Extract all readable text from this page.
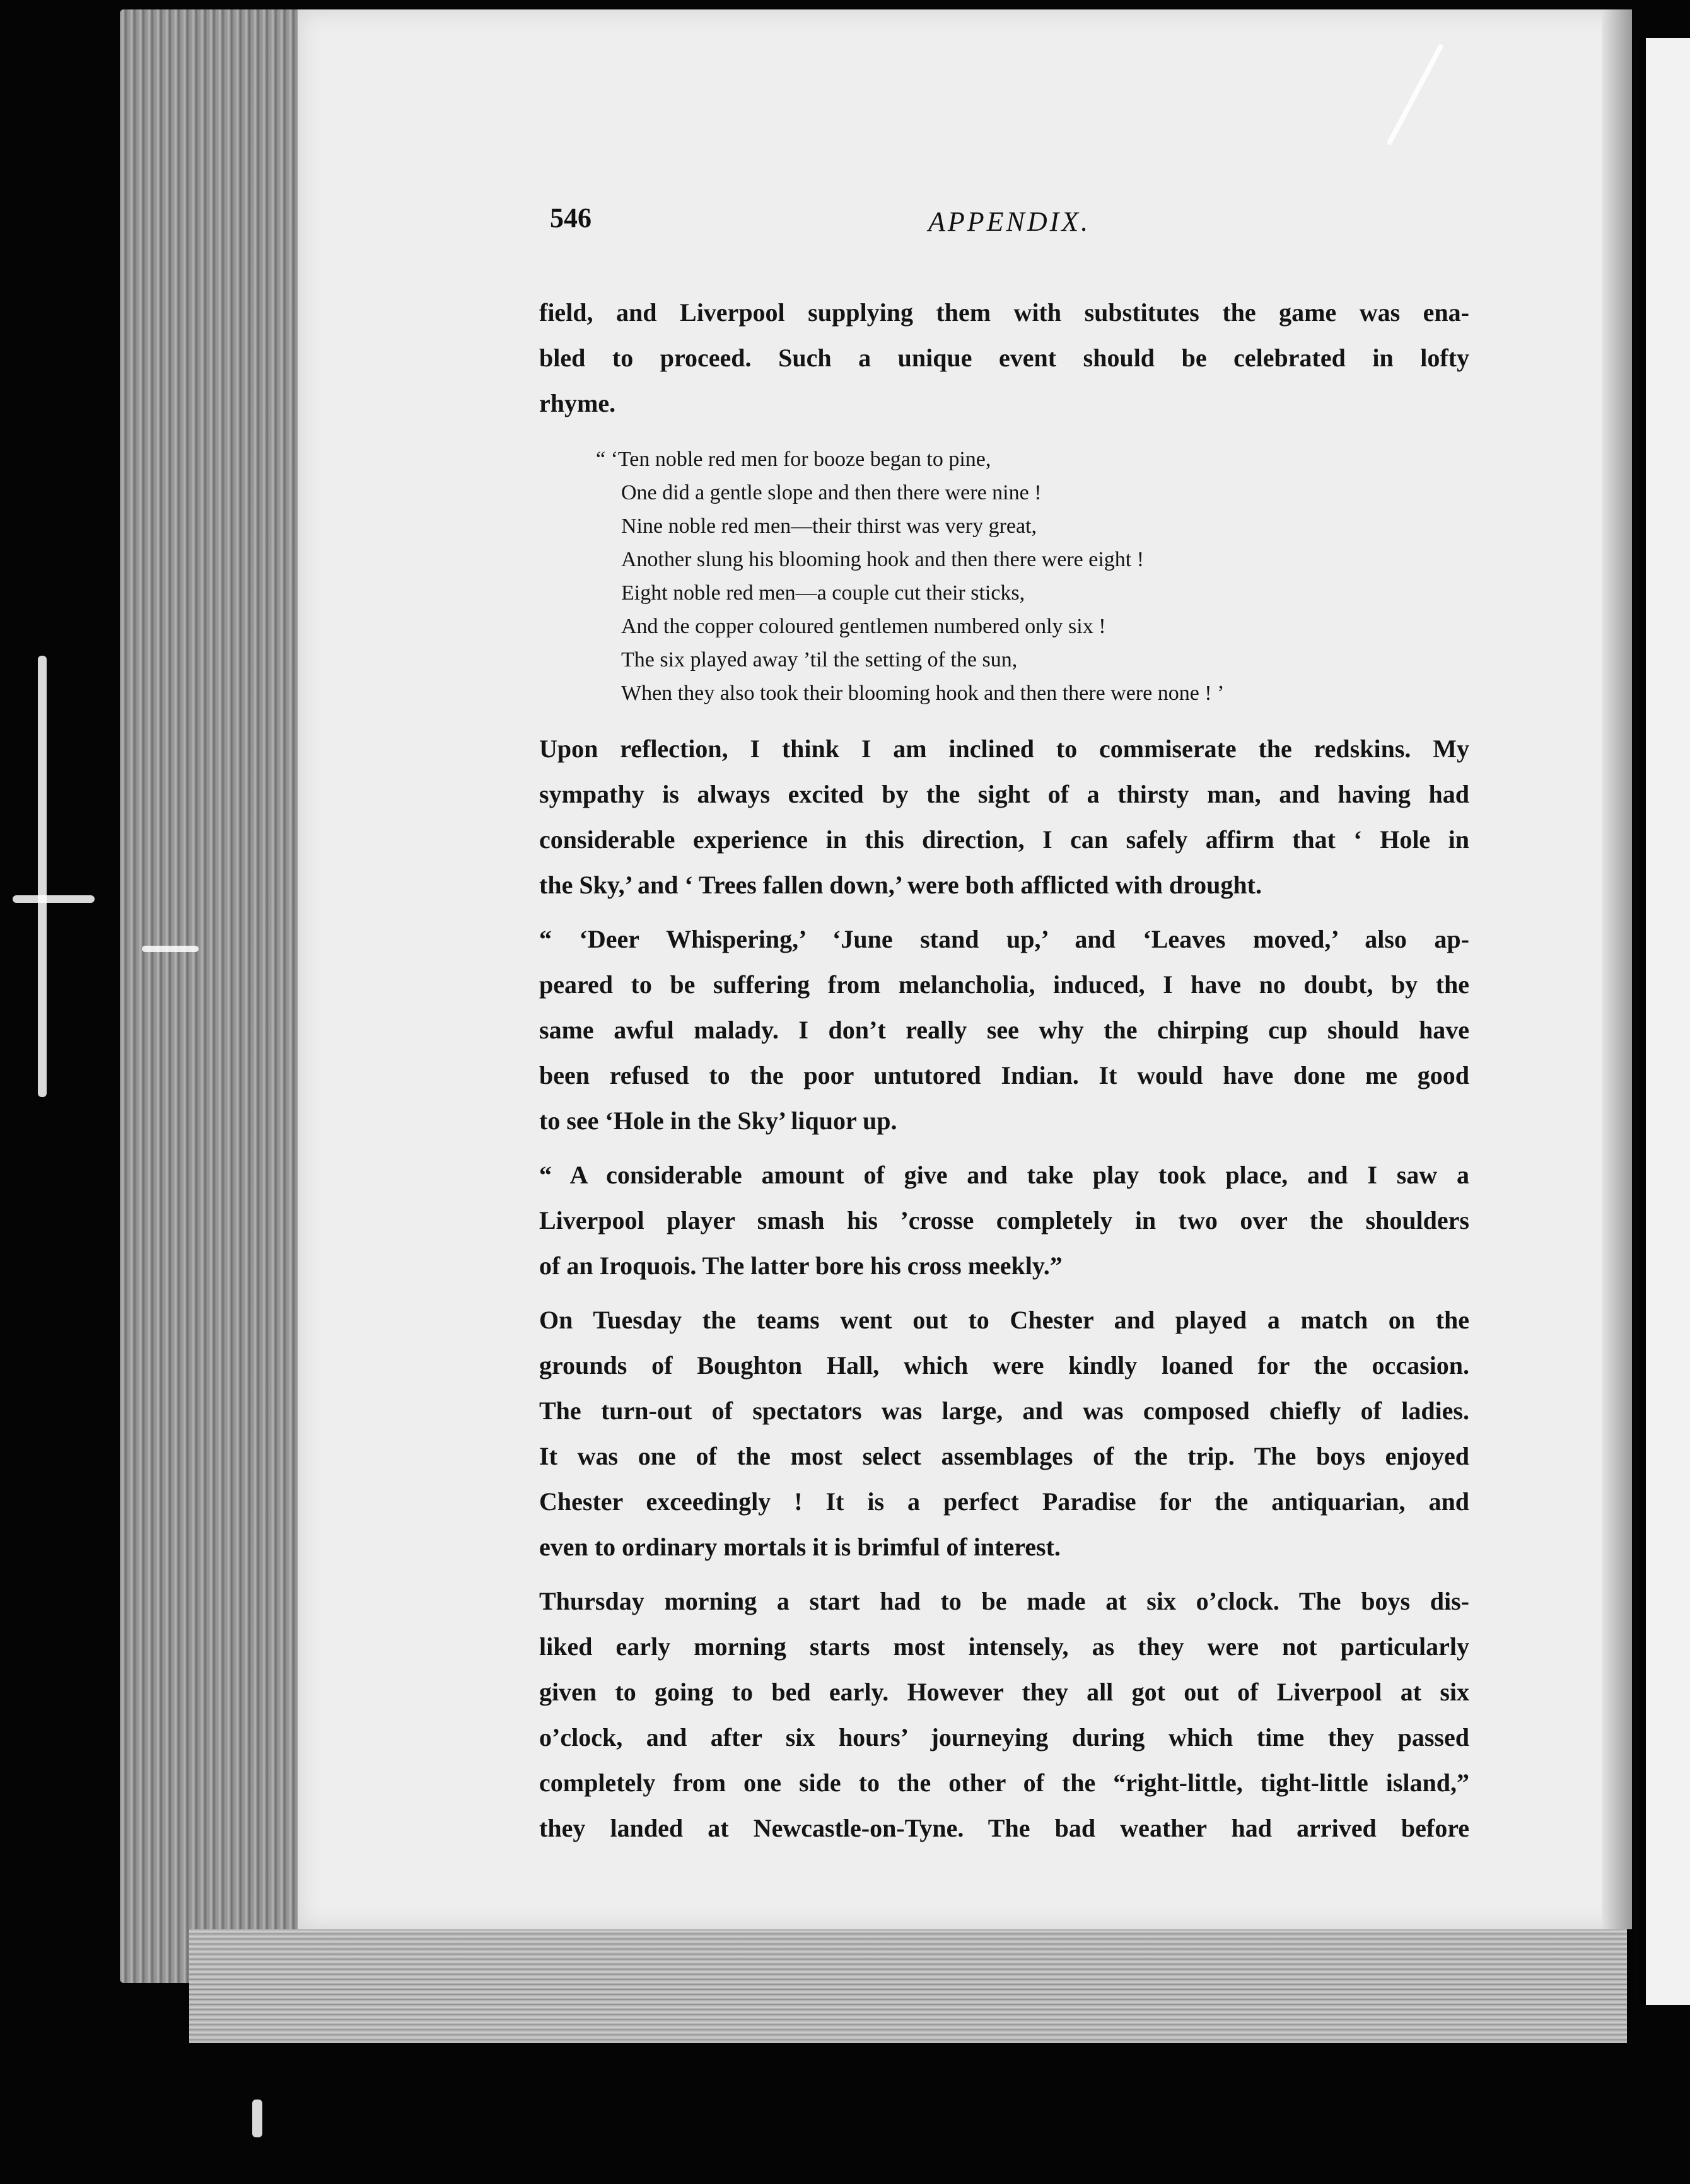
546	APPENDIX.
field, and Liverpool supplying them with substitutes the game was ena-
bled to proceed. Such a unique event should be celebrated in lofty
rhyme.
“ ‘Ten noble red men for booze began to pine,
One did a gentle slope and then there were nine !
Nine noble red men—their thirst was very great,
Another slung his blooming hook and then there were eight !
Eight noble red men—a couple cut their sticks,
And the copper coloured gentlemen numbered only six !
The six played away ’til the setting of the sun,
When they also took their blooming hook and then there were none ! ’
Upon reflection, I think I am inclined to commiserate the redskins. My
sympathy is always excited by the sight of a thirsty man, and having had
considerable experience in this direction, I can safely affirm that ‘ Hole in
the Sky,’ and ‘ Trees fallen down,’ were both afflicted with drought.
“ ‘Deer Whispering,’ ‘June stand up,’ and ‘Leaves moved,’ also ap-
peared to be suffering from melancholia, induced, I have no doubt, by the
same awful malady. I don’t really see why the chirping cup should have
been refused to the poor untutored Indian. It would have done me good
to see ‘Hole in the Sky’ liquor up.
“ A considerable amount of give and take play took place, and I saw a
Liverpool player smash his ’crosse completely in two over the shoulders
of an Iroquois. The latter bore his cross meekly.”
On Tuesday the teams went out to Chester and played a match on the
grounds of Boughton Hall, which were kindly loaned for the occasion.
The turn-out of spectators was large, and was composed chiefly of ladies.
It was one of the most select assemblages of the trip. The boys enjoyed
Chester exceedingly ! It is a perfect Paradise for the antiquarian, and
even to ordinary mortals it is brimful of interest.
Thursday morning a start had to be made at six o’clock. The boys dis-
liked early morning starts most intensely, as they were not particularly
given to going to bed early. However they all got out of Liverpool at six
o’clock, and after six hours’ journeying during which time they passed
completely from one side to the other of the “right-little, tight-little island,”
they landed at Newcastle-on-Tyne. The bad weather had arrived before
